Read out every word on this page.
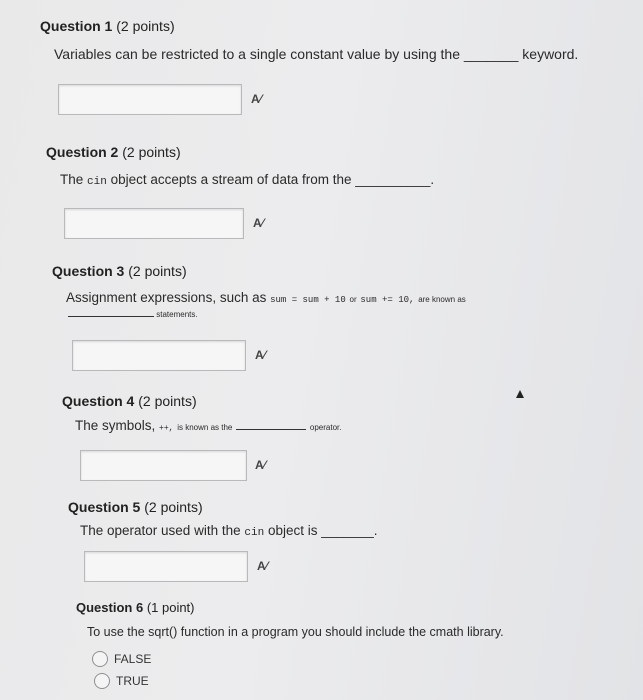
Question 1 (2 points)
Variables can be restricted to a single constant value by using the _______ keyword.
A⁄
Question 2 (2 points)
The cin object accepts a stream of data from the __________.
A⁄
Question 3 (2 points)
Assignment expressions, such as sum = sum + 10 or sum += 10, are known as
statements.
A⁄
Question 4 (2 points)
The symbols, ++, is known as the	operator.
A⁄
Question 5 (2 points)
The operator used with the cin object is _______.
A⁄
Question 6 (1 point)
To use the sqrt() function in a program you should include the cmath library.
FALSE
TRUE
